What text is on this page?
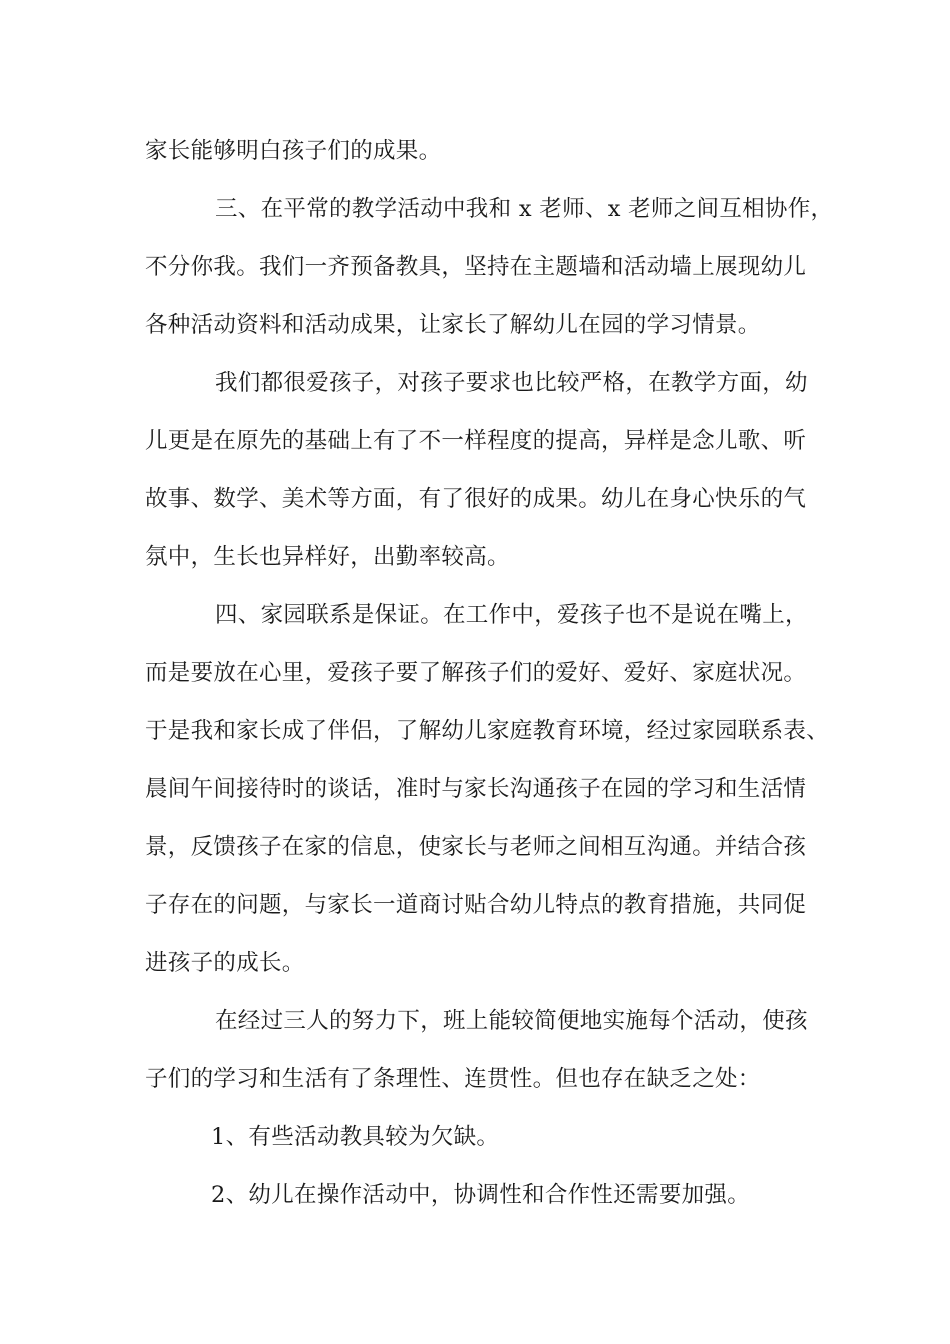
家长能够明白孩子们的成果。
三、在平常的教学活动中我和 x 老师、x 老师之间互相协作，
不分你我。我们一齐预备教具，坚持在主题墙和活动墙上展现幼儿
各种活动资料和活动成果，让家长了解幼儿在园的学习情景。
我们都很爱孩子，对孩子要求也比较严格，在教学方面，幼
儿更是在原先的基础上有了不一样程度的提高，异样是念儿歌、听
故事、数学、美术等方面，有了很好的成果。幼儿在身心快乐的气
氛中，生长也异样好，出勤率较高。
四、家园联系是保证。在工作中，爱孩子也不是说在嘴上，
而是要放在心里，爱孩子要了解孩子们的爱好、爱好、家庭状况。
于是我和家长成了伴侣，了解幼儿家庭教育环境，经过家园联系表、
晨间午间接待时的谈话，准时与家长沟通孩子在园的学习和生活情
景，反馈孩子在家的信息，使家长与老师之间相互沟通。并结合孩
子存在的问题，与家长一道商讨贴合幼儿特点的教育措施，共同促
进孩子的成长。
在经过三人的努力下，班上能较简便地实施每个活动，使孩
子们的学习和生活有了条理性、连贯性。但也存在缺乏之处：
1、有些活动教具较为欠缺。
2、幼儿在操作活动中，协调性和合作性还需要加强。
